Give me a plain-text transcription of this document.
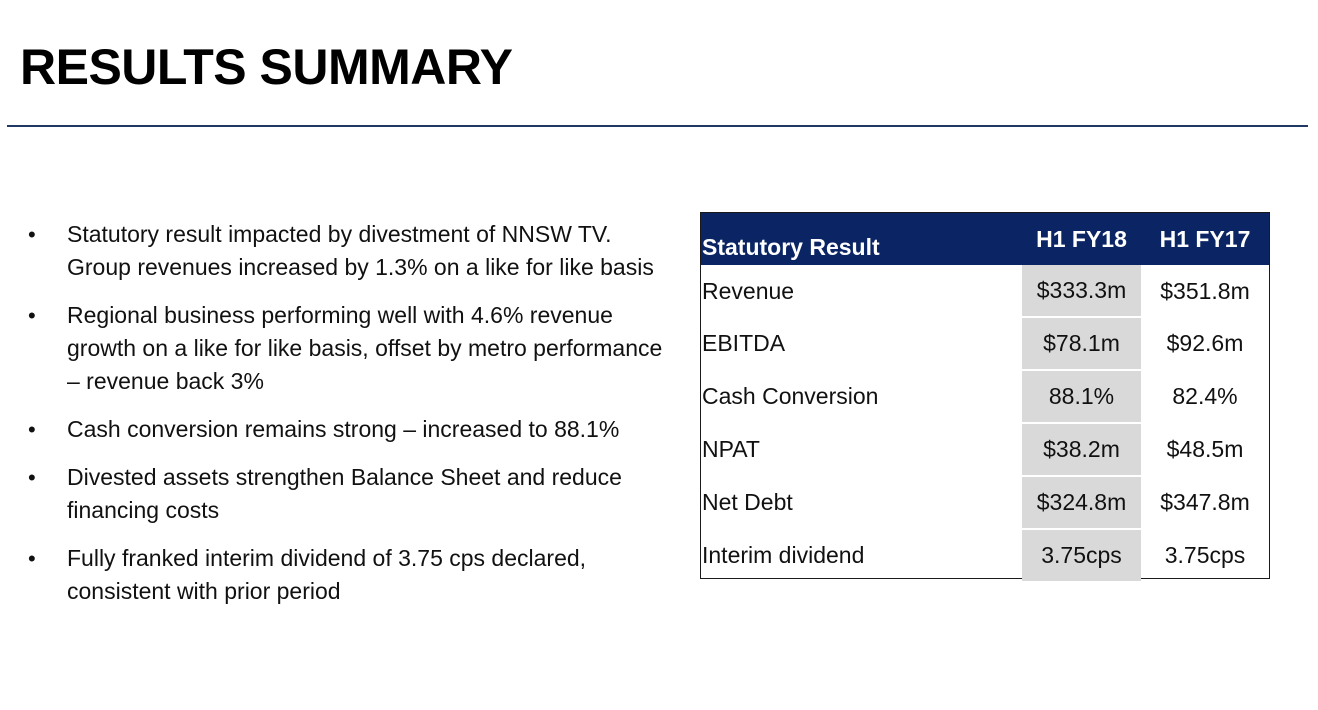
RESULTS SUMMARY
• Statutory result impacted by divestment of NNSW TV. Group revenues increased by 1.3% on a like for like basis
• Regional business performing well with 4.6% revenue growth on a like for like basis, offset by metro performance – revenue back 3%
• Cash conversion remains strong – increased to 88.1%
• Divested assets strengthen Balance Sheet and reduce financing costs
• Fully franked interim dividend of 3.75 cps declared, consistent with prior period
Statutory Result	H1 FY18	H1 FY17
Revenue	$333.3m	$351.8m
EBITDA	$78.1m	$92.6m
Cash Conversion	88.1%	82.4%
NPAT	$38.2m	$48.5m
Net Debt	$324.8m	$347.8m
Interim dividend	3.75cps	3.75cps
